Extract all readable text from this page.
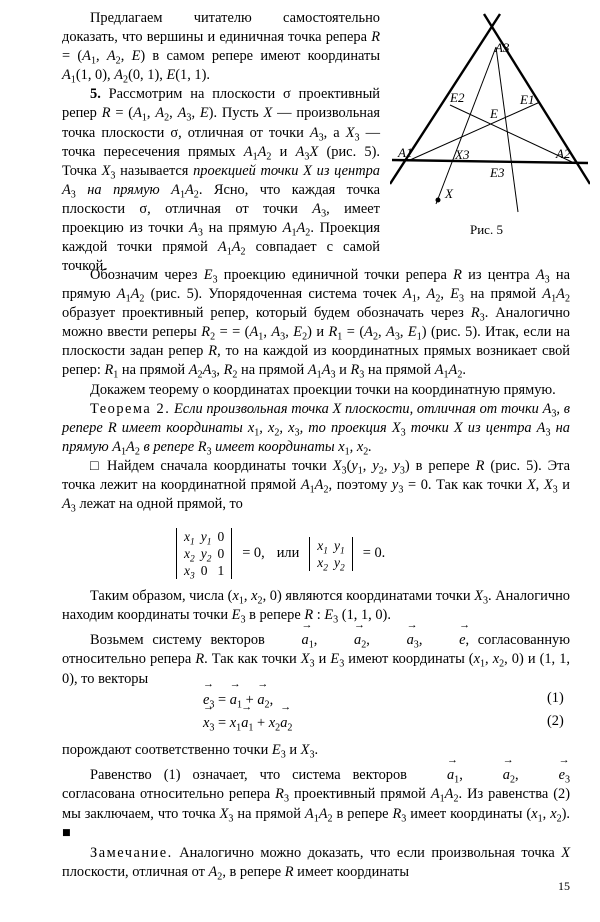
Предлагаем читателю самостоятельно доказать, что вершины и единичная точка репера $R = (A_1$, $A_2$, E) в самом репере имеют координаты $A_1(1$, 0), $A_2(0$, 1), E(1, 1).

5. Рассмотрим на плоскости σ проективный репер $R = (A_1$, $A_2$, $A_3$, E). Пусть X — произвольная точка плоскости σ, отличная от точки $A_3$, а $X_3$ — точка пересечения прямых $A_1A_2$ и $A_3X$ (рис. 5). Точка $X_3$ называется проекцией точки X из центра $A_3$ на прямую $A_1A_2$. Ясно, что каждая точка плоскости σ, отличная от точки $A_3$, имеет проекцию из точки $A_3$ на прямую $A_1A_2$. Проекция каждой точки прямой $A_1A_2$ совпадает с самой точкой.

A3
A1	A2
E
E1
E2
E3
X3
X
Рис. 5

Обозначим через $E_3$ проекцию единичной точки репера R из центра $A_3$ на прямую $A_1A_2$ (рис. 5). Упорядоченная система точек $A_1$, $A_2$, $E_3$ на прямой $A_1A_2$ образует проективный репер, который будем обозначать через $R_3$. Аналогично можно ввести реперы $R_2$ = = ($A_1$, $A_3$, $E_2$) и $R_1 = (A_2$, $A_3$, $E_1$) (рис. 5). Итак, если на плоскости задан репер R, то на каждой из координатных прямых возникает свой репер: $R_1$ на прямой $A_2A_3$, $R_2$ на прямой $A_1A_3$ и $R_3$ на прямой $A_1A_2$.

Докажем теорему о координатах проекции точки на координатную прямую.

Теорема 2. Если произвольная точка X плоскости, отличная от точки $A_3$, в репере R имеет координаты $x_1$, $x_2$, $x_3$, то проекция $X_3$ точки X из центра $A_3$ на прямую $A_1A_2$ в репере $R_3$ имеет координаты $x_1$, $x_2$.

□ Найдем сначала координаты точки $X_3(y_1$, $y_2$, $y_3$) в репере R (рис. 5). Эта точка лежит на координатной прямой $A_1A_2$, поэтому $y_3 = 0$. Так как точки X, $X_3$ и $A_3$ лежат на одной прямой, то

$x_1$	$y_1$	0
$x_2$	$y_2$	0
$x_3$	0	1
= 0, или $x_1$	$y_1$
$x_2$	$y_2$
= 0.

Таким образом, числа ($x_1$, $x_2$, 0) являются координатами точки $X_3$. Аналогично находим координаты точки $E_3$ в репере R : $E_3$ (1, 1, 0).

Возьмем систему векторов → $a_1$, → $a_2$, → $a_3$, → e, согласованную относительно репера R. Так как точки $X_3$ и $E_3$ имеют координаты ($x_1$, $x_2$, 0) и (1, 1, 0), то векторы

→ $e_3$ = → $a_1$ + → $a_2$,	(1)
→ $x_3 = x_1\to a_1 + x_2\to a_2$	(2)

порождают соответственно точки $E_3$ и $X_3$.

Равенство (1) означает, что система векторов → $a_1$, → $a_2$, → $e_3$ согласована относительно репера $R_3$ проективный прямой $A_1A_2$. Из равенства (2) мы заключаем, что точка $X_3$ на прямой $A_1A_2$ в репере $R_3$ имеет координаты ($x_1$, $x_2$). ■

Замечание. Аналогично можно доказать, что если произвольная точка X плоскости, отличная от $A_2$, в репере R имеет координаты

15
